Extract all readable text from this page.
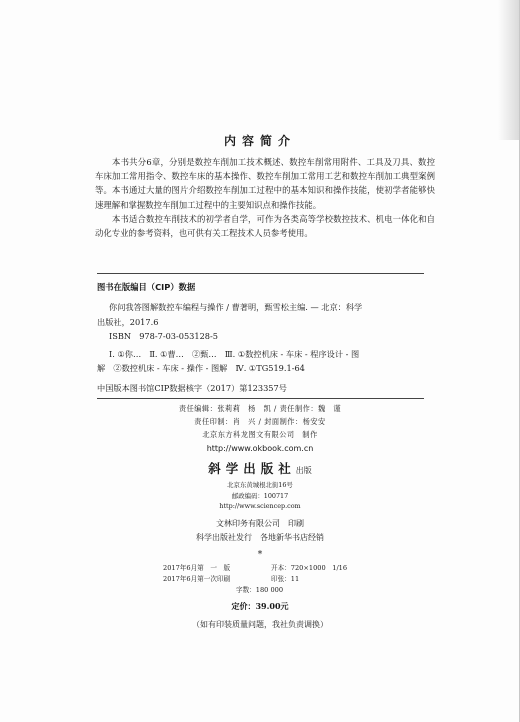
内容简介

本书共分6章，分别是数控车削加工技术概述、数控车削常用附件、工具及刀具、数控车床加工常用指令、数控车床的基本操作、数控车削加工常用工艺和数控车削加工典型案例等。本书通过大量的图片介绍数控车削加工过程中的基本知识和操作技能，使初学者能够快速理解和掌握数控车削加工过程中的主要知识点和操作技能。

本书适合数控车削技术的初学者自学，可作为各类高等学校数控技术、机电一体化和自动化专业的参考资料，也可供有关工程技术人员参考使用。

图书在版编目（CIP）数据
你问我答图解数控车编程与操作 / 曹著明，甄雪松主编. — 北京：科学
出版社，2017.6
ISBN　978-7-03-053128-5
Ⅰ. ①你…　Ⅱ. ①曹…　②甄…　Ⅲ. ①数控机床 - 车床 - 程序设计 - 图
解　②数控机床 - 车床 - 操作 - 图解　Ⅳ. ①TG519.1-64
中国版本图书馆CIP数据核字（2017）第123357号
责任编辑：张莉莉　杨　凯 / 责任制作：魏　谨
责任印制：肖　兴 / 封面制作：杨安安
北京东方科龙图文有限公司　制作
http://www.okbook.com.cn
斜学出版社出版
北京东黄城根北街16号
邮政编码：100717
http://www.sciencep.com
文林印务有限公司　印刷
科学出版社发行　各地新华书店经销
*
2017年6月第　一　版	开本：720×1000　1/16
2017年6月第一次印刷	印张：11
字数：180 000
定价：39.00元
（如有印装质量问题，我社负责调换）
